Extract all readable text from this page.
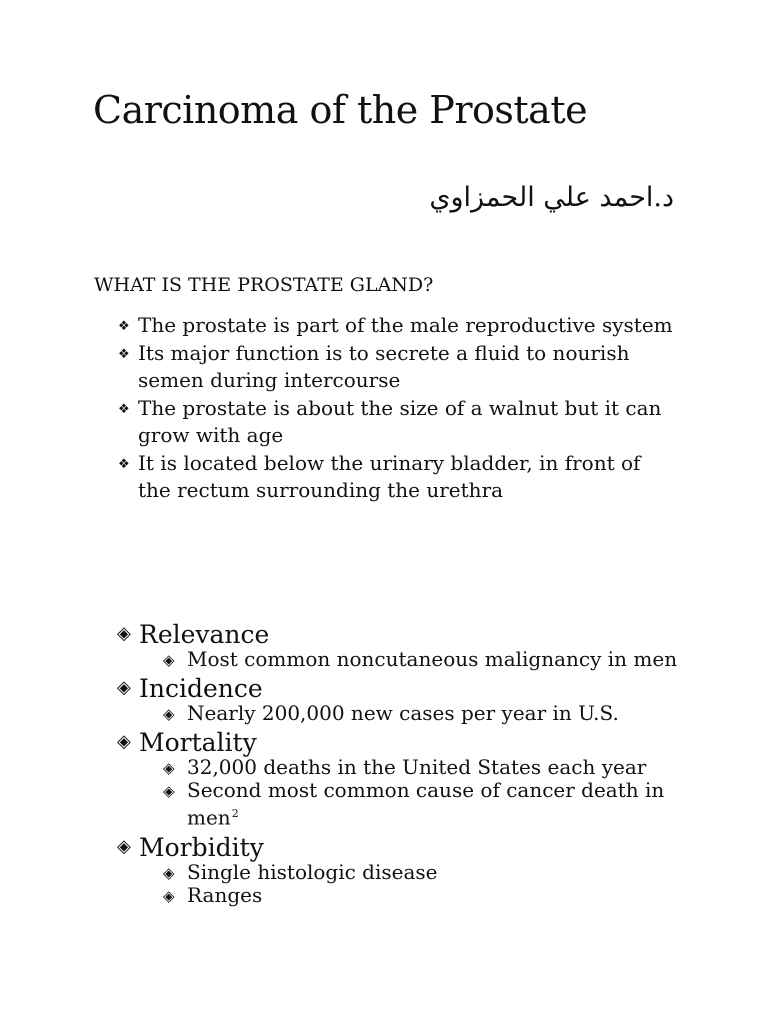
Carcinoma of the Prostate
د.احمد علي الحمزاوي
WHAT IS THE PROSTATE GLAND?
❖ The prostate is part of the male reproductive system
❖ Its major function is to secrete a fluid to nourish semen during intercourse
❖ The prostate is about the size of a walnut but it can grow with age
❖ It is located below the urinary bladder, in front of the rectum surrounding the urethra
◈ Relevance
◈ Most common noncutaneous malignancy in men
◈ Incidence
◈ Nearly 200,000 new cases per year in U.S.
◈ Mortality
◈ 32,000 deaths in the United States each year
◈ Second most common cause of cancer death in men$^2$
◈ Morbidity
◈ Single histologic disease
◈ Ranges
